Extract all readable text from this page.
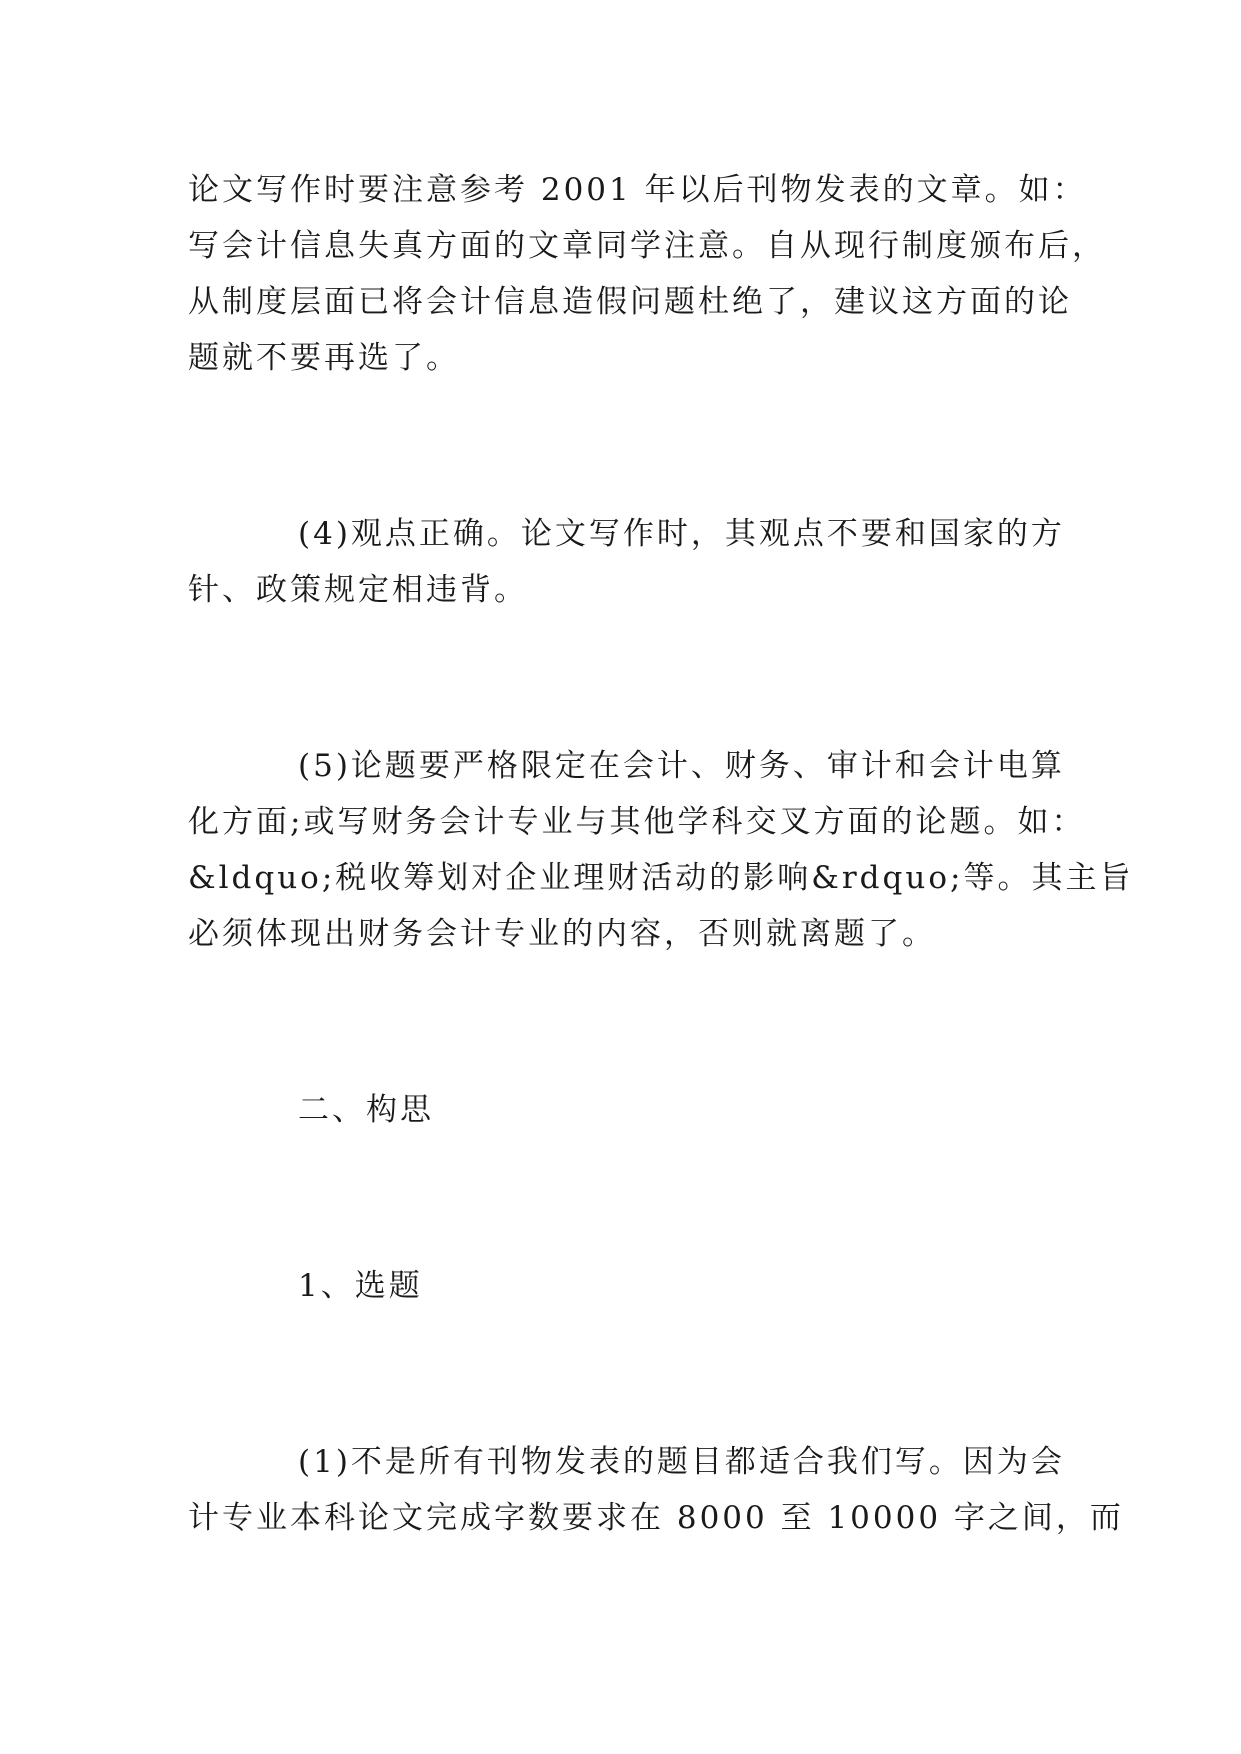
论文写作时要注意参考 2001 年以后刊物发表的文章。如：
写会计信息失真方面的文章同学注意。自从现行制度颁布后，
从制度层面已将会计信息造假问题杜绝了，建议这方面的论
题就不要再选了。
(4)观点正确。论文写作时，其观点不要和国家的方
针、政策规定相违背。
(5)论题要严格限定在会计、财务、审计和会计电算
化方面;或写财务会计专业与其他学科交叉方面的论题。如：
&ldquo;税收筹划对企业理财活动的影响&rdquo;等。其主旨
必须体现出财务会计专业的内容，否则就离题了。
二、构思
1、选题
(1)不是所有刊物发表的题目都适合我们写。因为会
计专业本科论文完成字数要求在 8000 至 10000 字之间，而
